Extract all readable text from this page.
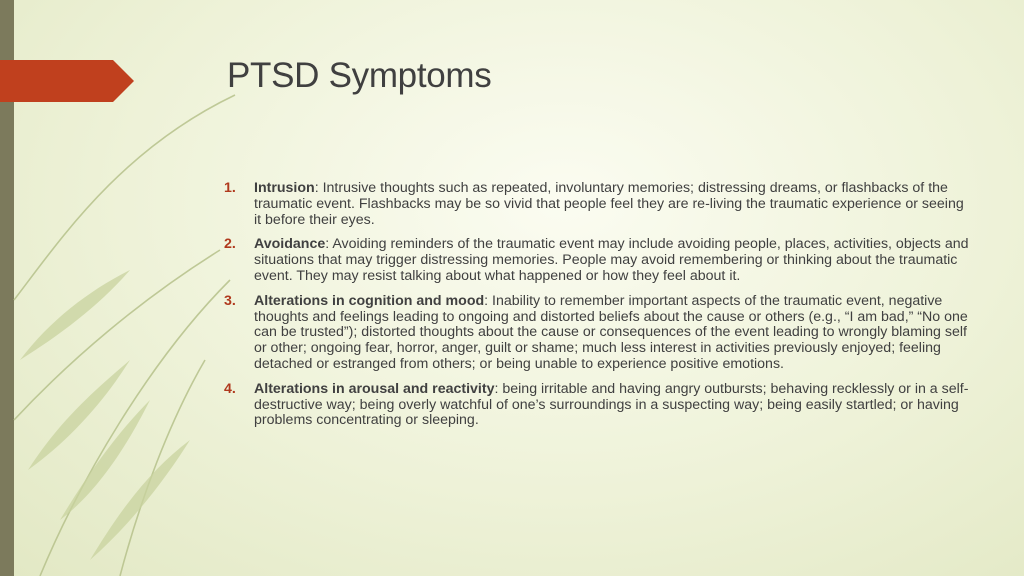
PTSD Symptoms
1. Intrusion: Intrusive thoughts such as repeated, involuntary memories; distressing dreams, or flashbacks of the traumatic event. Flashbacks may be so vivid that people feel they are re-living the traumatic experience or seeing it before their eyes.
2. Avoidance: Avoiding reminders of the traumatic event may include avoiding people, places, activities, objects and situations that may trigger distressing memories. People may avoid remembering or thinking about the traumatic event. They may resist talking about what happened or how they feel about it.
3. Alterations in cognition and mood: Inability to remember important aspects of the traumatic event, negative thoughts and feelings leading to ongoing and distorted beliefs about the cause or others (e.g., “I am bad,” “No one can be trusted”); distorted thoughts about the cause or consequences of the event leading to wrongly blaming self or other; ongoing fear, horror, anger, guilt or shame; much less interest in activities previously enjoyed; feeling detached or estranged from others; or being unable to experience positive emotions.
4. Alterations in arousal and reactivity: being irritable and having angry outbursts; behaving recklessly or in a self-destructive way; being overly watchful of one’s surroundings in a suspecting way; being easily startled; or having problems concentrating or sleeping.
